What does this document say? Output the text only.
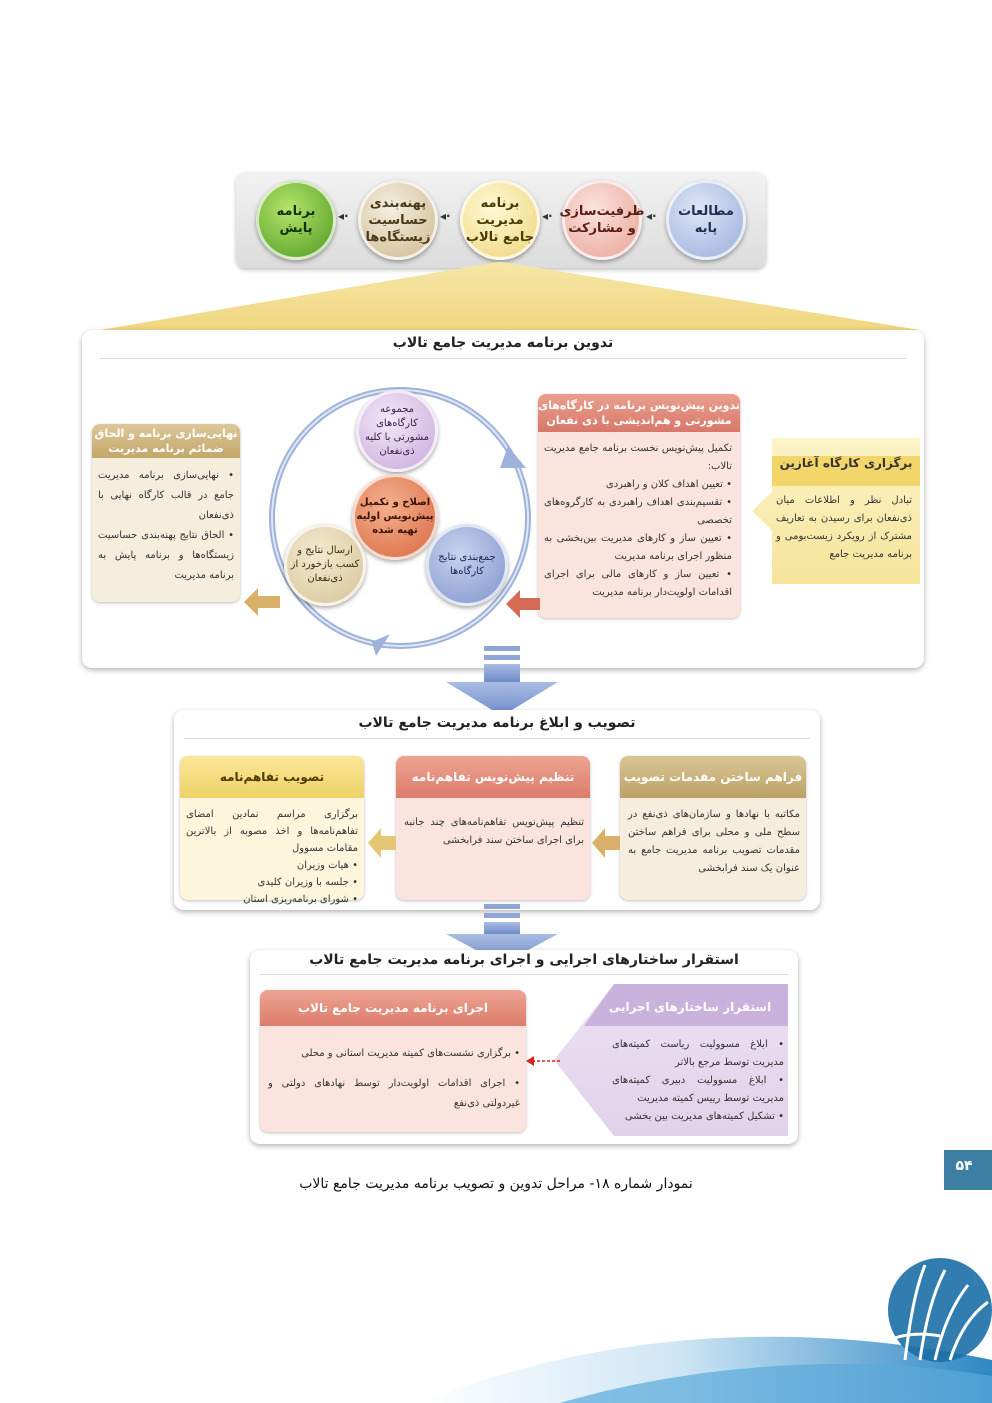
مطالعات پایه
◂·
ظرفیت‌سازی و مشارکت
◂·
برنامه مدیریت جامع تالاب
◂·
پهنه‌بندی حساسیت زیستگاه‌ها
◂·
برنامه پایش
تدوین برنامه مدیریت جامع تالاب
برگزاری کارگاه آغازین
تبادل نظر و اطلاعات میان ذی‌نفعان برای رسیدن به تعاریف مشترک از رویکرد زیست‌بومی و برنامه مدیریت جامع
تدوین پیش‌نویس برنامه در کارگاه‌های مشورتی و هم‌اندیشی با ذی نفعان

تکمیل پیش‌نویس نخست برنامه جامع مدیریت تالاب:

• تعیین اهداف کلان و راهبردی

• تقسیم‌بندی اهداف راهبردی به کارگروه‌های تخصصی

• تعیین ساز و کارهای مدیریت بین‌بخشی به منظور اجرای برنامه مدیریت

• تعیین ساز و کارهای مالی برای اجرای اقدامات اولویت‌دار برنامه مدیریت

مجموعه کارگاه‌های مشورتی با کلیه ذی‌نفعان
اصلاح و تکمیل پیش‌نویس اولیه تهیه شده
جمع‌بندی نتایج کارگاه‌ها
ارسال نتایج و کسب بازخورد از ذی‌نفعان
نهایی‌سازی برنامه و الحاق ضمائم برنامه مدیریت

• نهایی‌سازی برنامه مدیریت جامع در قالب کارگاه نهایی با ذی‌نفعان

• الحاق نتایج پهنه‌بندی حساسیت زیستگاه‌ها و برنامه پایش به برنامه مدیریت

تصویب و ابلاغ برنامه مدیریت جامع تالاب
فراهم ساختن مقدمات تصویب
مکاتبه با نهادها و سازمان‌های ذی‌نفع در سطح ملی و محلی برای فراهم ساختن مقدمات تصویب برنامه مدیریت جامع به عنوان یک سند فرابخشی
تنظیم پیش‌نویس تفاهم‌نامه
تنظیم پیش‌نویس تفاهم‌نامه‌های چند جانبه برای اجرای ساختن سند فرابخشی
تصویب تفاهم‌نامه

برگزاری مراسم نمادین امضای تفاهم‌نامه‌ها و اخذ مصوبه از بالاترین مقامات مسوول

• هیات وزیران

• جلسه با وزیران کلیدی

• شورای برنامه‌ریزی استان

استقرار ساختارهای اجرایی و اجرای برنامه مدیریت جامع تالاب
استقرار ساختارهای اجرایی

• ابلاغ مسوولیت ریاست کمیته‌های مدیریت توسط مرجع بالاتر

• ابلاغ مسوولیت دبیری کمیته‌های مدیریت توسط رییس کمیته مدیریت

• تشکیل کمیته‌های مدیریت بین بخشی

اجرای برنامه مدیریت جامع تالاب

• برگزاری نشست‌های کمیته مدیریت استانی و محلی

• اجرای اقدامات اولویت‌دار توسط نهادهای دولتی و غیردولتی ذی‌نفع

نمودار شماره ۱۸- مراحل تدوین و تصویب برنامه مدیریت جامع تالاب
۵۴
